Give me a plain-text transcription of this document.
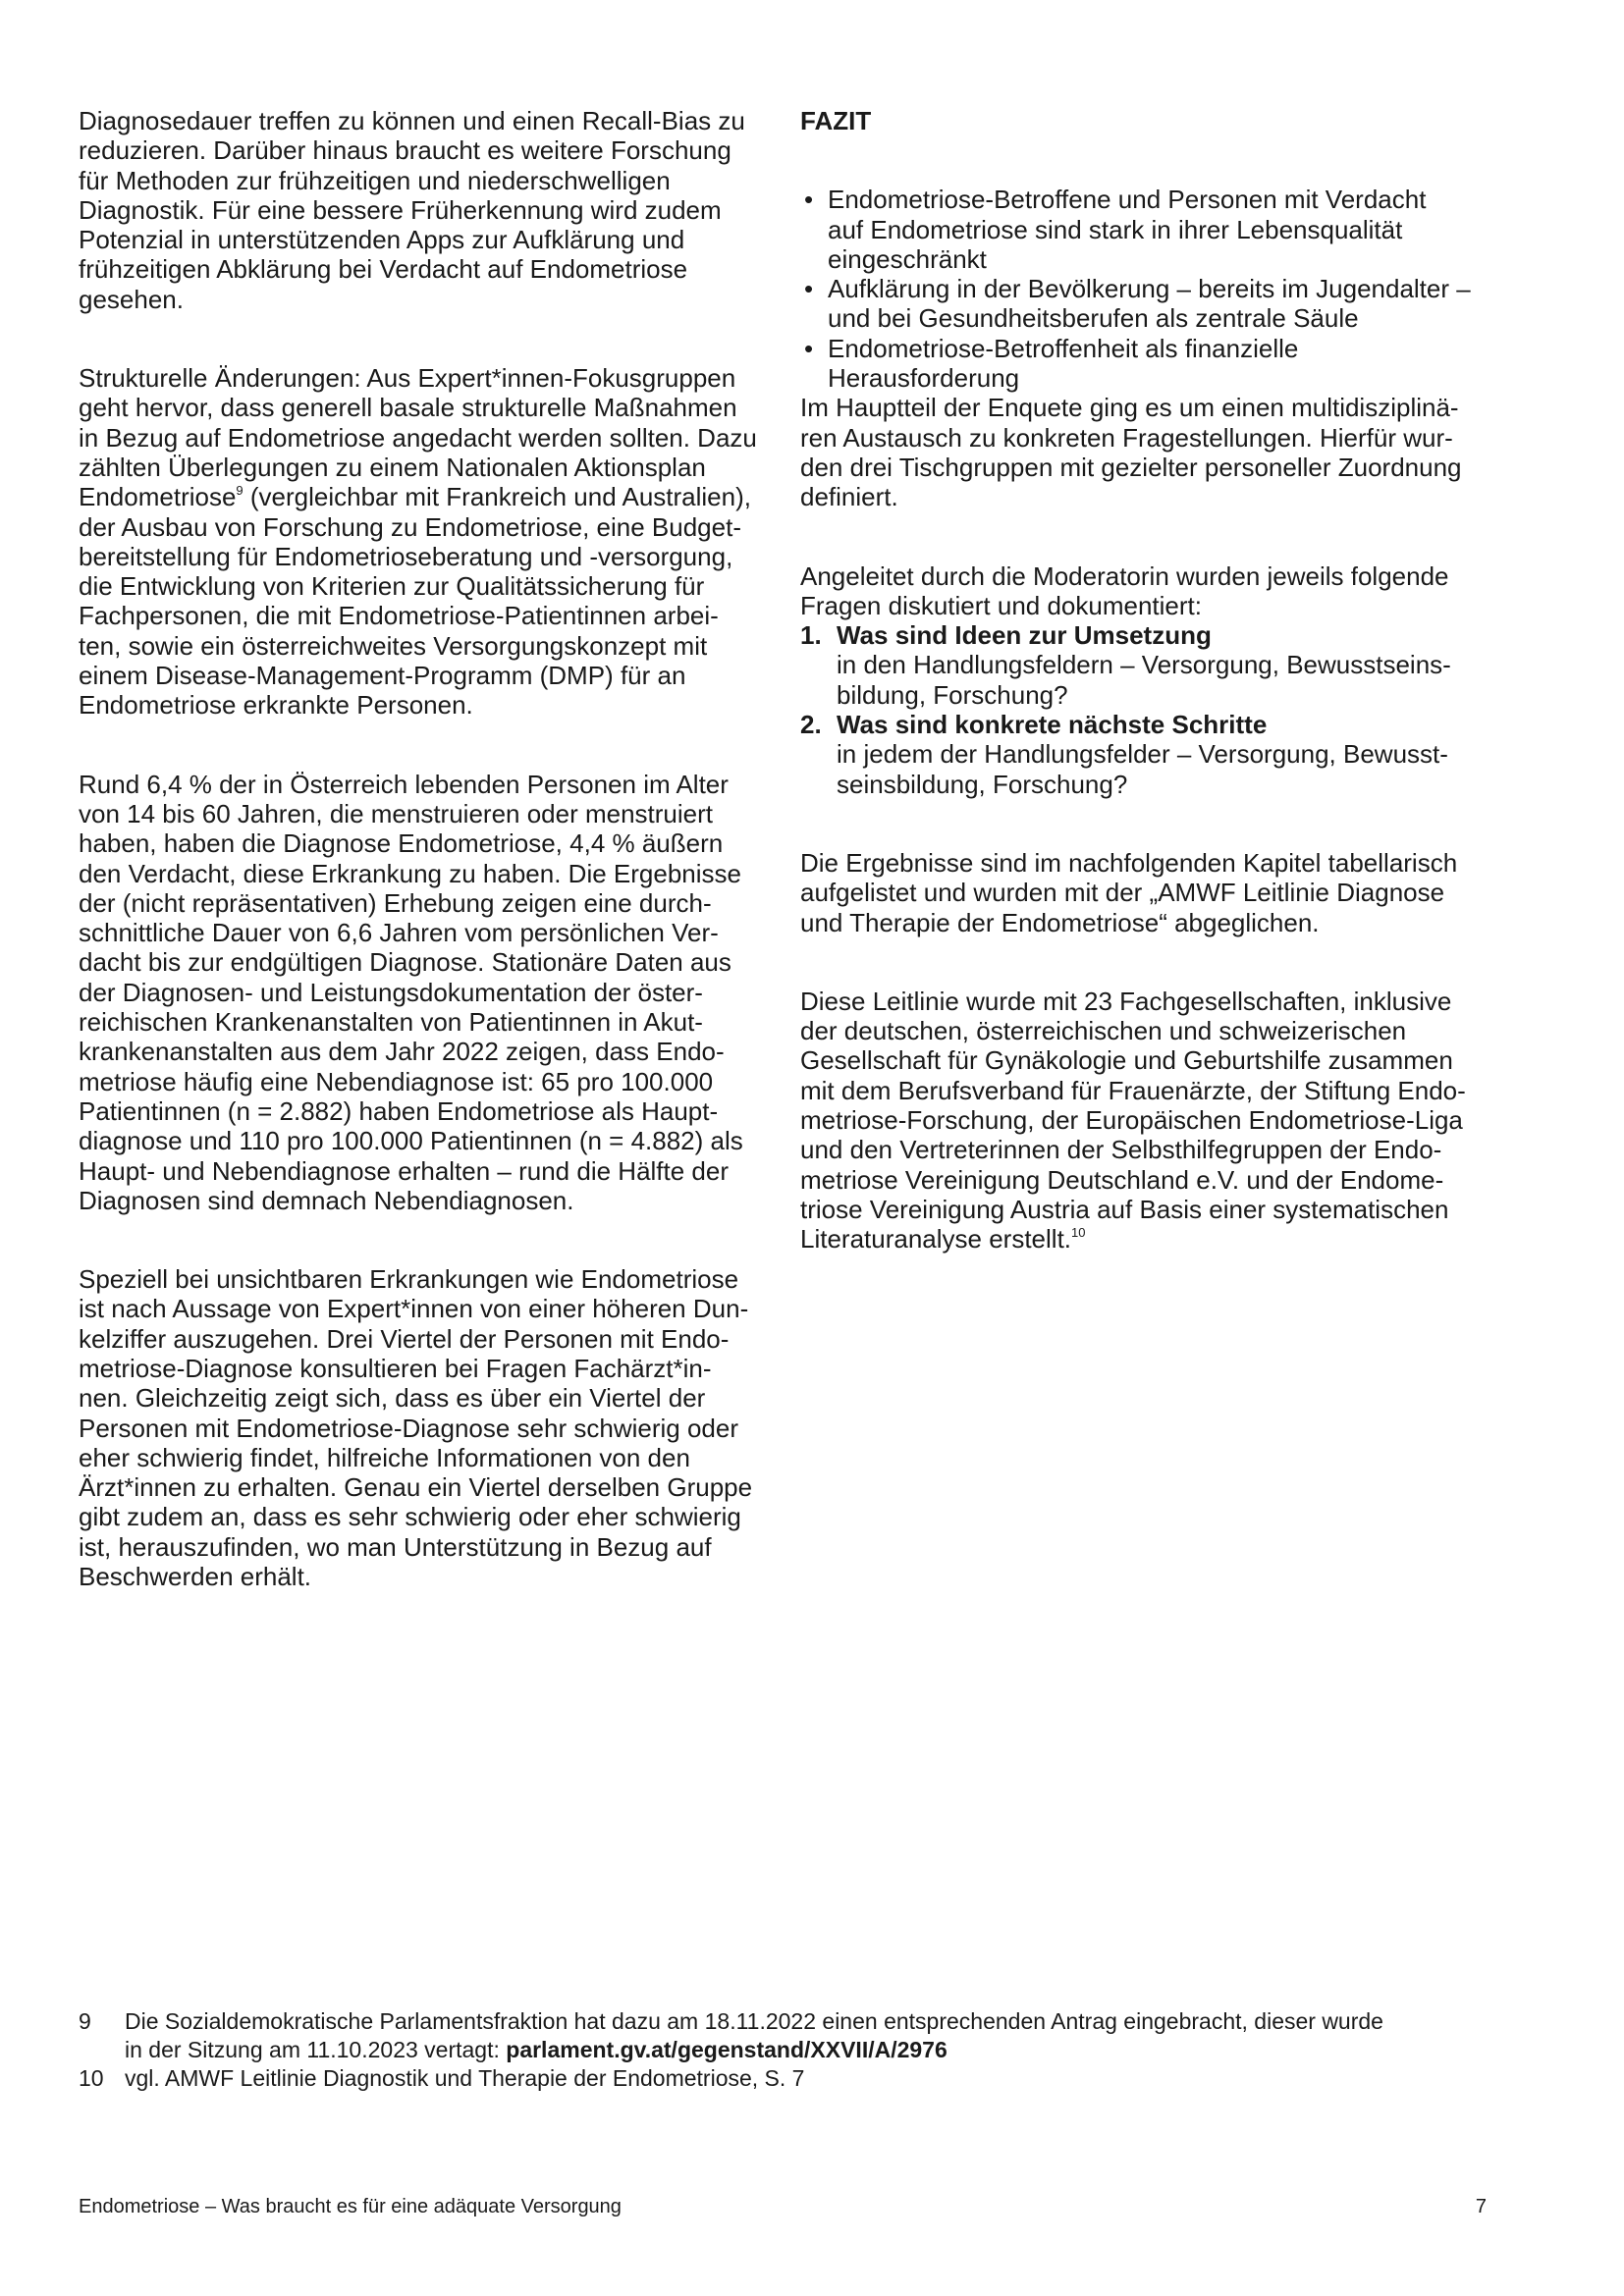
Diagnosedauer treffen zu können und einen Recall-Bias zu
reduzieren. Darüber hinaus braucht es weitere Forschung
für Methoden zur frühzeitigen und niederschwelligen
Diagnostik. Für eine bessere Früherkennung wird zudem
Potenzial in unterstützenden Apps zur Aufklärung und
frühzeitigen Abklärung bei Verdacht auf Endometriose
gesehen.
Strukturelle Änderungen: Aus Expert*innen-Fokusgruppen
geht hervor, dass generell basale strukturelle Maßnahmen
in Bezug auf Endometriose angedacht werden sollten. Dazu
zählten Überlegungen zu einem Nationalen Aktionsplan
Endometriose$^9$ (vergleichbar mit Frankreich und Australien),
der Ausbau von Forschung zu Endometriose, eine Budget-
bereitstellung für Endometrioseberatung und -versorgung,
die Entwicklung von Kriterien zur Qualitätssicherung für
Fachpersonen, die mit Endometriose-Patientinnen arbei-
ten, sowie ein österreichweites Versorgungskonzept mit
einem Disease-Management-Programm (DMP) für an
Endometriose erkrankte Personen.
Rund 6,4 % der in Österreich lebenden Personen im Alter
von 14 bis 60 Jahren, die menstruieren oder menstruiert
haben, haben die Diagnose Endometriose, 4,4 % äußern
den Verdacht, diese Erkrankung zu haben. Die Ergebnisse
der (nicht repräsentativen) Erhebung zeigen eine durch-
schnittliche Dauer von 6,6 Jahren vom persönlichen Ver-
dacht bis zur endgültigen Diagnose. Stationäre Daten aus
der Diagnosen- und Leistungsdokumentation der öster-
reichischen Krankenanstalten von Patientinnen in Akut-
krankenanstalten aus dem Jahr 2022 zeigen, dass Endo-
metriose häufig eine Nebendiagnose ist: 65 pro 100.000
Patientinnen (n = 2.882) haben Endometriose als Haupt-
diagnose und 110 pro 100.000 Patientinnen (n = 4.882) als
Haupt- und Nebendiagnose erhalten – rund die Hälfte der
Diagnosen sind demnach Nebendiagnosen.
Speziell bei unsichtbaren Erkrankungen wie Endometriose
ist nach Aussage von Expert*innen von einer höheren Dun-
kelziffer auszugehen. Drei Viertel der Personen mit Endo-
metriose-Diagnose konsultieren bei Fragen Fachärzt*in-
nen. Gleichzeitig zeigt sich, dass es über ein Viertel der
Personen mit Endometriose-Diagnose sehr schwierig oder
eher schwierig findet, hilfreiche Informationen von den
Ärzt*innen zu erhalten. Genau ein Viertel derselben Gruppe
gibt zudem an, dass es sehr schwierig oder eher schwierig
ist, herauszufinden, wo man Unterstützung in Bezug auf
Beschwerden erhält.
FAZIT
• Endometriose-Betroffene und Personen mit Verdacht
auf Endometriose sind stark in ihrer Lebensqualität
eingeschränkt
• Aufklärung in der Bevölkerung – bereits im Jugendalter –
und bei Gesundheitsberufen als zentrale Säule
• Endometriose-Betroffenheit als finanzielle
Herausforderung
Im Hauptteil der Enquete ging es um einen multidisziplinä-
ren Austausch zu konkreten Fragestellungen. Hierfür wur-
den drei Tischgruppen mit gezielter personeller Zuordnung
definiert.
Angeleitet durch die Moderatorin wurden jeweils folgende
Fragen diskutiert und dokumentiert:
1. Was sind Ideen zur Umsetzung
in den Handlungsfeldern – Versorgung, Bewusstseins-
bildung, Forschung?
2. Was sind konkrete nächste Schritte
in jedem der Handlungsfelder – Versorgung, Bewusst-
seinsbildung, Forschung?
Die Ergebnisse sind im nachfolgenden Kapitel tabellarisch
aufgelistet und wurden mit der „AMWF Leitlinie Diagnose
und Therapie der Endometriose“ abgeglichen.
Diese Leitlinie wurde mit 23 Fachgesellschaften, inklusive
der deutschen, österreichischen und schweizerischen
Gesellschaft für Gynäkologie und Geburtshilfe zusammen
mit dem Berufsverband für Frauenärzte, der Stiftung Endo-
metriose-Forschung, der Europäischen Endometriose-Liga
und den Vertreterinnen der Selbsthilfegruppen der Endo-
metriose Vereinigung Deutschland e.V. und der Endome-
triose Vereinigung Austria auf Basis einer systematischen
Literaturanalyse erstellt.$^{10}$
9 Die Sozialdemokratische Parlamentsfraktion hat dazu am 18.11.2022 einen entsprechenden Antrag eingebracht, dieser wurde
in der Sitzung am 11.10.2023 vertagt: parlament.gv.at/gegenstand/XXVII/A/2976
10 vgl. AMWF Leitlinie Diagnostik und Therapie der Endometriose, S. 7
Endometriose – Was braucht es für eine adäquate Versorgung	7
